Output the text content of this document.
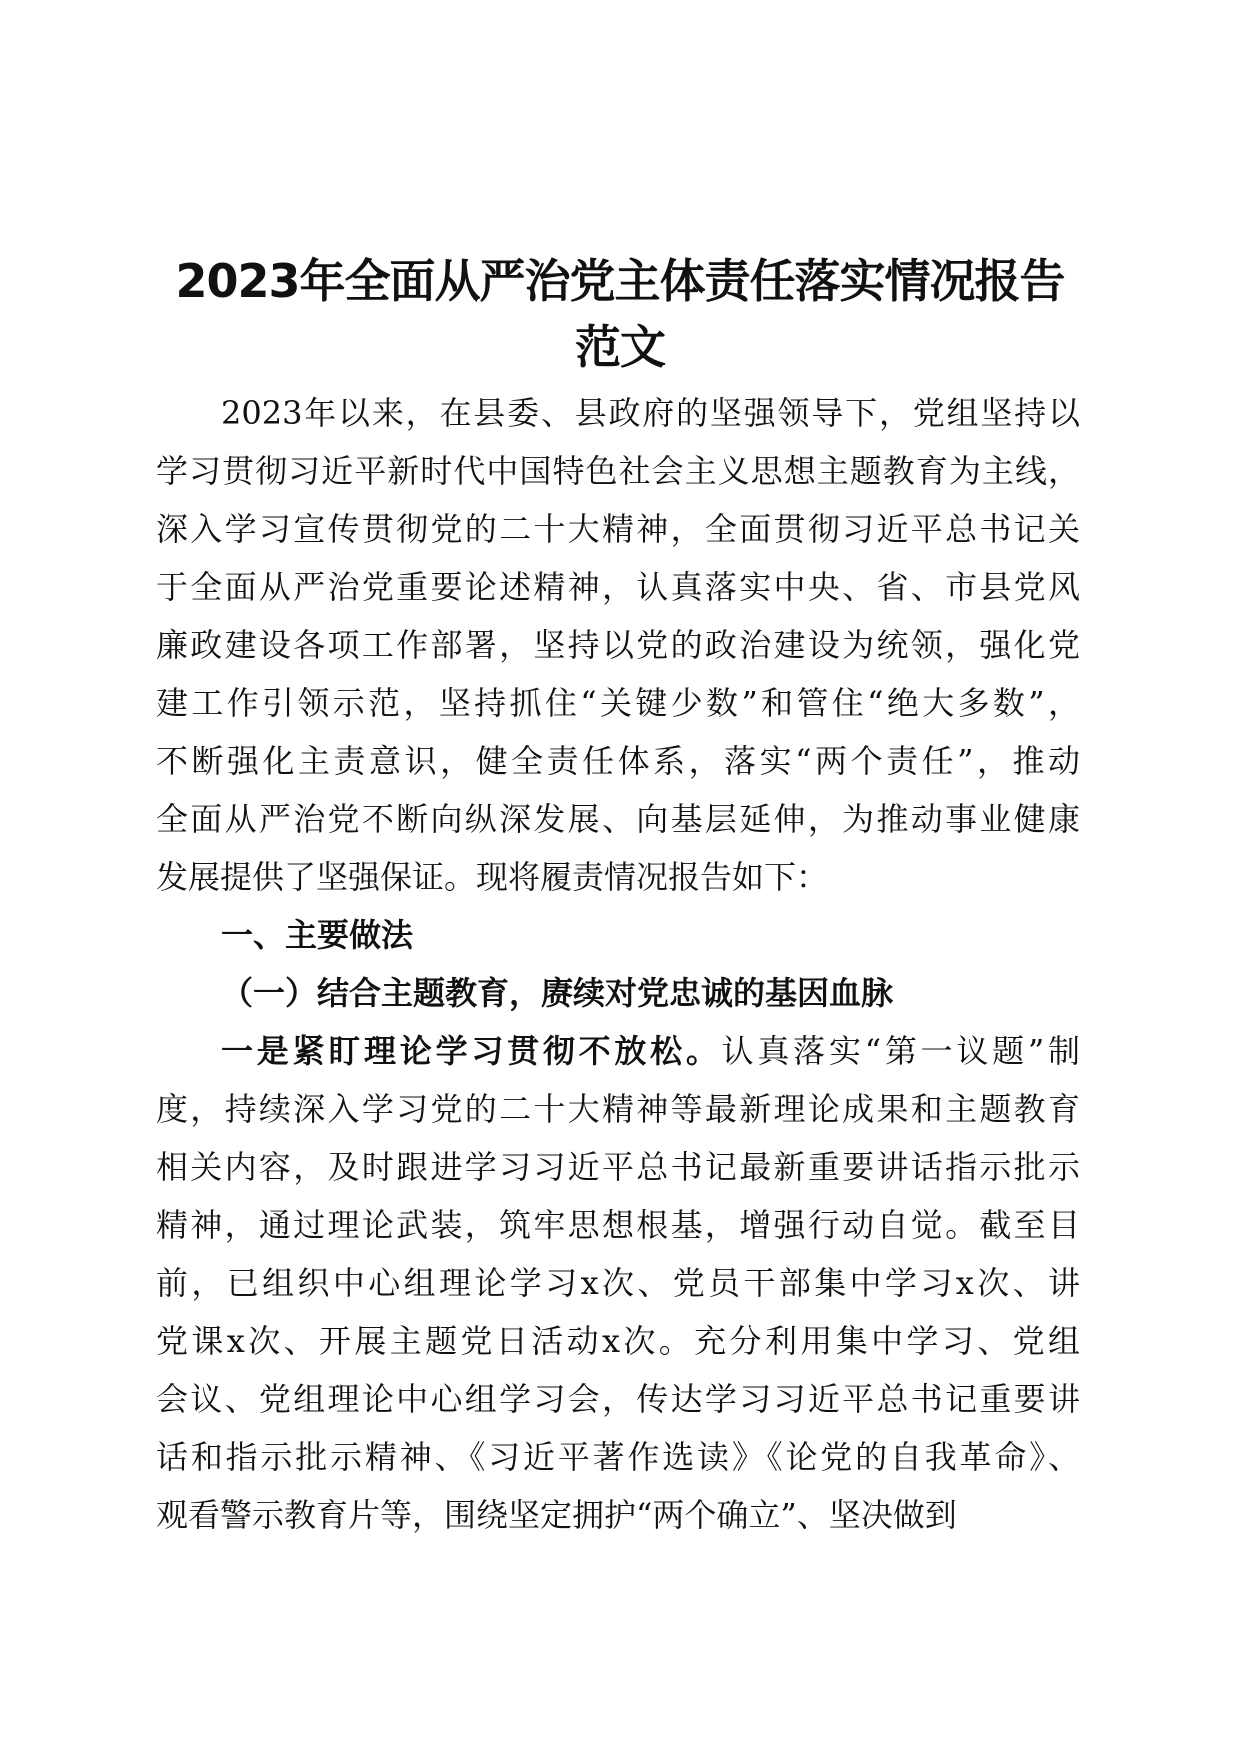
2023年全面从严治党主体责任落实情况报告
范文
2023年以来，在县委、县政府的坚强领导下，党组坚持以
学习贯彻习近平新时代中国特色社会主义思想主题教育为主线，
深入学习宣传贯彻党的二十大精神，全面贯彻习近平总书记关
于全面从严治党重要论述精神，认真落实中央、省、市县党风
廉政建设各项工作部署，坚持以党的政治建设为统领，强化党
建工作引领示范，坚持抓住“关键少数”和管住“绝大多数”，
不断强化主责意识，健全责任体系，落实“两个责任”，推动
全面从严治党不断向纵深发展、向基层延伸，为推动事业健康
发展提供了坚强保证。现将履责情况报告如下：
一、主要做法
（一）结合主题教育，赓续对党忠诚的基因血脉
一是紧盯理论学习贯彻不放松。认真落实“第一议题”制
度，持续深入学习党的二十大精神等最新理论成果和主题教育
相关内容，及时跟进学习习近平总书记最新重要讲话指示批示
精神，通过理论武装，筑牢思想根基，增强行动自觉。截至目
前，已组织中心组理论学习x次、党员干部集中学习x次、讲
党课x次、开展主题党日活动x次。充分利用集中学习、党组
会议、党组理论中心组学习会，传达学习习近平总书记重要讲
话和指示批示精神、《习近平著作选读》《论党的自我革命》、
观看警示教育片等，围绕坚定拥护“两个确立”、坚决做到
